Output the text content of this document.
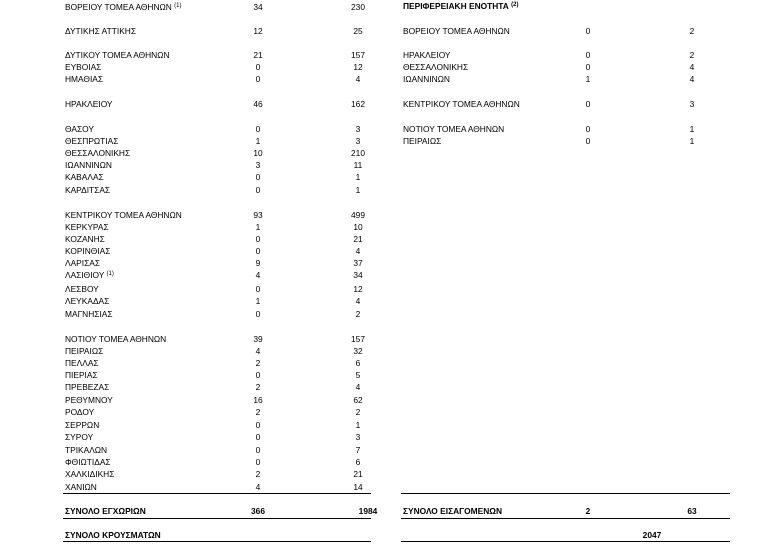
ΒΟΡΕΙΟΥ ΤΟΜΕΑ ΑΘΗΝΩΝ $^{(1)}$	34	230
ΔΥΤΙΚΗΣ ΑΤΤΙΚΗΣ	12	25
ΔΥΤΙΚΟΥ ΤΟΜΕΑ ΑΘΗΝΩΝ	21	157
ΕΥΒΟΙΑΣ	0	12
ΗΜΑΘΙΑΣ	0	4
ΗΡΑΚΛΕΙΟΥ	46	162
ΘΑΣΟΥ	0	3
ΘΕΣΠΡΩΤΙΑΣ	1	3
ΘΕΣΣΑΛΟΝΙΚΗΣ	10	210
ΙΩΑΝΝΙΝΩΝ	3	11
ΚΑΒΑΛΑΣ	0	1
ΚΑΡΔΙΤΣΑΣ	0	1
ΚΕΝΤΡΙΚΟΥ ΤΟΜΕΑ ΑΘΗΝΩΝ	93	499
ΚΕΡΚΥΡΑΣ	1	10
ΚΟΖΑΝΗΣ	0	21
ΚΟΡΙΝΘΙΑΣ	0	4
ΛΑΡΙΣΑΣ	9	37
ΛΑΣΙΘΙΟΥ $^{(1)}$	4	34
ΛΕΣΒΟΥ	0	12
ΛΕΥΚΑΔΑΣ	1	4
ΜΑΓΝΗΣΙΑΣ	0	2
ΝΟΤΙΟΥ ΤΟΜΕΑ ΑΘΗΝΩΝ	39	157
ΠΕΙΡΑΙΩΣ	4	32
ΠΕΛΛΑΣ	2	6
ΠΙΕΡΙΑΣ	0	5
ΠΡΕΒΕΖΑΣ	2	4
ΡΕΘΥΜΝΟΥ	16	62
ΡΟΔΟΥ	2	2
ΣΕΡΡΩΝ	0	1
ΣΥΡΟΥ	0	3
ΤΡΙΚΑΛΩΝ	0	7
ΦΘΙΩΤΙΔΑΣ	0	6
ΧΑΛΚΙΔΙΚΗΣ	2	21
ΧΑΝΙΩΝ	4	14
ΠΕΡΙΦΕΡΕΙΑΚΗ ΕΝΟΤΗΤΑ $^{(2)}$
ΒΟΡΕΙΟΥ ΤΟΜΕΑ ΑΘΗΝΩΝ	0	2
ΗΡΑΚΛΕΙΟΥ	0	2
ΘΕΣΣΑΛΟΝΙΚΗΣ	0	4
ΙΩΑΝΝΙΝΩΝ	1	4
ΚΕΝΤΡΙΚΟΥ ΤΟΜΕΑ ΑΘΗΝΩΝ	0	3
ΝΟΤΙΟΥ ΤΟΜΕΑ ΑΘΗΝΩΝ	0	1
ΠΕΙΡΑΙΩΣ	0	1
ΣΥΝΟΛΟ ΕΓΧΩΡΙΩΝ	366	1984	ΣΥΝΟΛΟ ΕΙΣΑΓΟΜΕΝΩΝ	2	63
ΣΥΝΟΛΟ ΚΡΟΥΣΜΑΤΩΝ	2047
